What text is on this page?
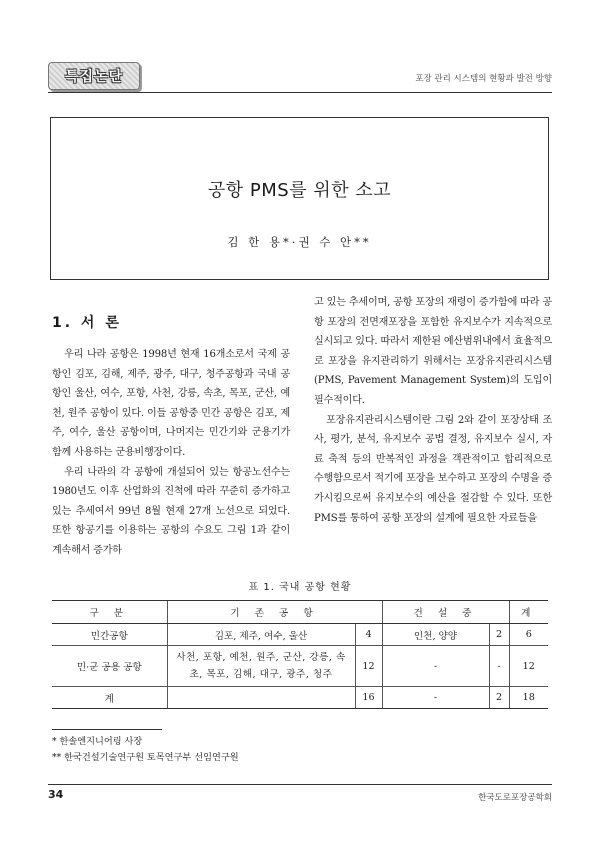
특집논단	포장 관리 시스템의 현황과 발전 방향
공항 PMS를 위한 소고
김 한 용*·권 수 안**
1. 서 론

우리 나라 공항은 1998년 현재 16개소로서 국제 공항인 김포, 김해, 제주, 광주, 대구, 청주공항과 국내 공항인 울산, 여수, 포항, 사천, 강릉, 속초, 목포, 군산, 예천, 원주 공항이 있다. 이들 공항중 민간 공항은 김포, 제주, 여수, 울산 공항이며, 나머지는 민간기와 군용기가 함께 사용하는 군용비행장이다.

우리 나라의 각 공항에 개설되어 있는 항공노선수는 1980년도 이후 산업화의 진척에 따라 꾸준히 증가하고 있는 추세여서 99년 8월 현재 27개 노선으로 되었다. 또한 항공기를 이용하는 공항의 수요도 그림 1과 같이 계속해서 증가하

고 있는 추세이며, 공항 포장의 재령이 증가함에 따라 공항 포장의 전면재포장을 포함한 유지보수가 지속적으로 실시되고 있다. 따라서 제한된 예산범위내에서 효율적으로 포장을 유지관리하기 위해서는 포장유지관리시스템(PMS, Pavement Management System)의 도입이 필수적이다.

포장유지관리시스템이란 그림 2와 같이 포장상태 조사, 평가, 분석, 유지보수 공법 결정, 유지보수 실시, 자료 축적 등의 반복적인 과정을 객관적이고 합리적으로 수행함으로서 적기에 포장을 보수하고 포장의 수명을 증가시킴으로써 유지보수의 예산을 절감할 수 있다. 또한 PMS를 통하여 공항 포장의 설계에 필요한 자료들을

표 1. 국내 공항 현황
구 분	기 존 공 항		건 설 중		계
민간공항	김포, 제주, 여수, 울산	4	인천, 양양	2	6
민·군 공용 공항	사천, 포항, 예천, 원주, 군산, 강릉, 속초, 목포, 김해, 대구, 광주, 청주	12	-	-	12
계		16	-	2	18
* 한솔엔지니어링 사장
** 한국건설기술연구원 토목연구부 선임연구원
34	한국도로포장공학회
